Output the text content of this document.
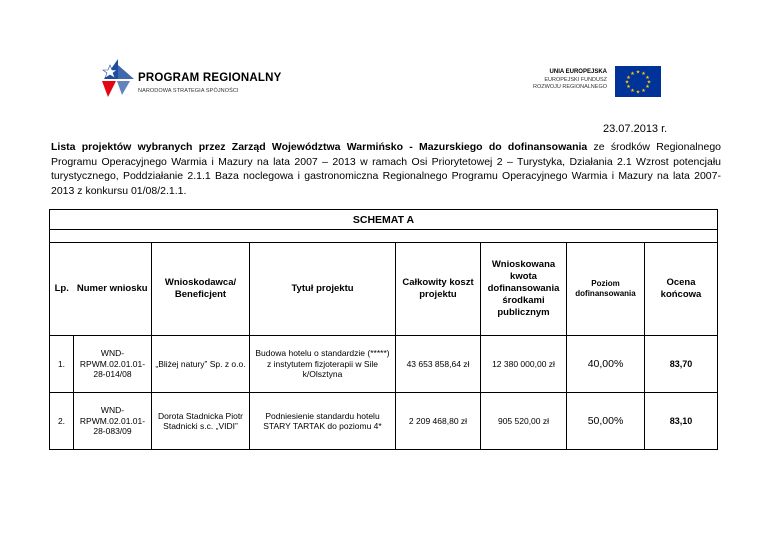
PROGRAM REGIONALNY
NARODOWA STRATEGIA SPÓJNOŚCI
UNIA EUROPEJSKA
EUROPEJSKI FUNDUSZ
ROZWOJU REGIONALNEGO
★ ★
★
★
★
★
★
★
★
★
★
★
23.07.2013 r.
Lista projektów wybranych przez Zarząd Województwa Warmińsko - Mazurskiego do dofinansowania ze środków Regionalnego Programu Operacyjnego Warmia i Mazury na lata 2007 – 2013 w ramach Osi Priorytetowej 2 – Turystyka, Działania 2.1 Wzrost potencjału turystycznego, Poddziałanie 2.1.1 Baza noclegowa i gastronomiczna Regionalnego Programu Operacyjnego Warmia i Mazury na lata 2007-2013 z konkursu 01/08/2.1.1.
SCHEMAT A							

Lp.	Numer wniosku	Wnioskodawca/ Beneficjent	Tytuł projektu	Całkowity koszt projektu	Wnioskowana kwota dofinansowania środkami publicznym	Poziom dofinansowania	Ocena końcowa
1.	WND-RPWM.02.01.01-28-014/08	„Bliżej natury” Sp. z o.o.	Budowa hotelu o standardzie (*****) z instytutem fizjoterapii w Sile k/Olsztyna	43 653 858,64 zł	12 380 000,00 zł	40,00%	83,70
2.	WND-RPWM.02.01.01-28-083/09	Dorota Stadnicka Piotr Stadnicki s.c. „VIDI”	Podniesienie standardu hotelu STARY TARTAK do poziomu 4*	2 209 468,80 zł	905 520,00 zł	50,00%	83,10
